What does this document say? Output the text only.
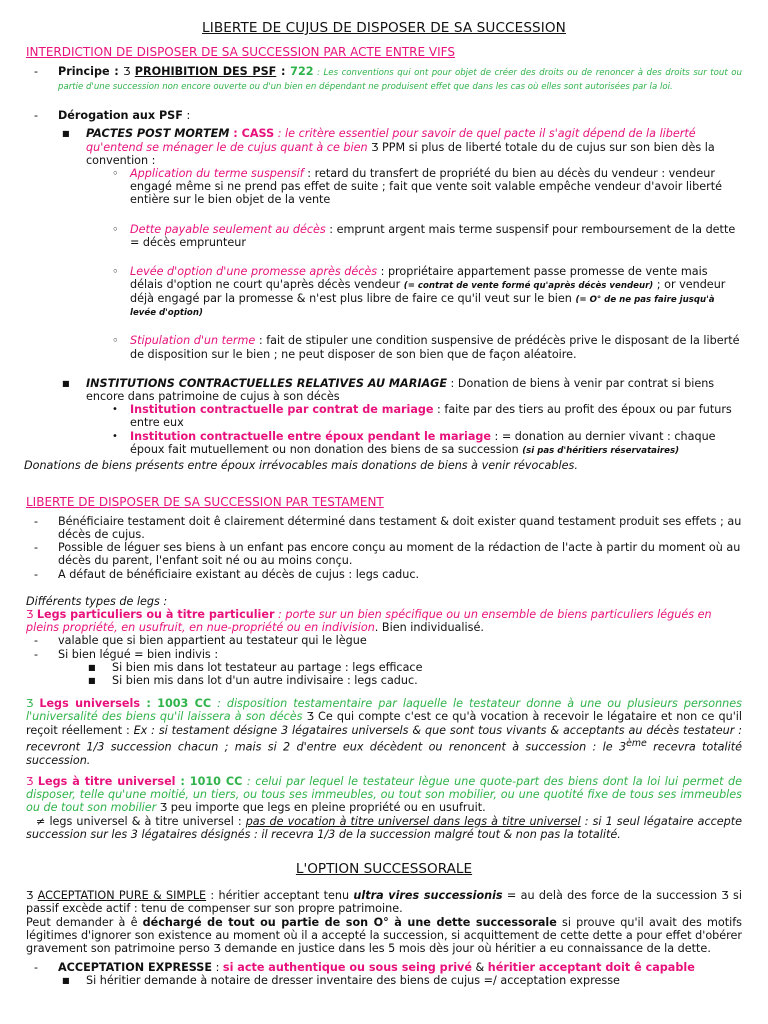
LIBERTE DE CUJUS DE DISPOSER DE SA SUCCESSION
INTERDICTION DE DISPOSER DE SA SUCCESSION PAR ACTE ENTRE VIFS
- Principe : Ʒ PROHIBITION DES PSF : 722 : Les conventions qui ont pour objet de créer des droits ou de renoncer à des droits sur tout ou partie d'une succession non encore ouverte ou d'un bien en dépendant ne produisent effet que dans les cas où elles sont autorisées par la loi.
- Dérogation aux PSF :
■ PACTES POST MORTEM : CASS : le critère essentiel pour savoir de quel pacte il s'agit dépend de la liberté qu'entend se ménager le de cujus quant à ce bien Ʒ PPM si plus de liberté totale du de cujus sur son bien dès la convention :
◦ Application du terme suspensif : retard du transfert de propriété du bien au décès du vendeur : vendeur engagé même si ne prend pas effet de suite ; fait que vente soit valable empêche vendeur d'avoir liberté entière sur le bien objet de la vente
◦ Dette payable seulement au décès : emprunt argent mais terme suspensif pour remboursement de la dette = décès emprunteur
◦ Levée d'option d'une promesse après décès : propriétaire appartement passe promesse de vente mais délais d'option ne court qu'après décès vendeur (= contrat de vente formé qu'après décès vendeur) ; or vendeur déjà engagé par la promesse & n'est plus libre de faire ce qu'il veut sur le bien (= O° de ne pas faire jusqu'à levée d'option)
◦ Stipulation d'un terme : fait de stipuler une condition suspensive de prédécès prive le disposant de la liberté de disposition sur le bien ; ne peut disposer de son bien que de façon aléatoire.
■ INSTITUTIONS CONTRACTUELLES RELATIVES AU MARIAGE : Donation de biens à venir par contrat si biens encore dans patrimoine de cujus à son décès
• Institution contractuelle par contrat de mariage : faite par des tiers au profit des époux ou par futurs entre eux
• Institution contractuelle entre époux pendant le mariage : = donation au dernier vivant : chaque époux fait mutuellement ou non donation des biens de sa succession (si pas d'héritiers réservataires)

Donations de biens présents entre époux irrévocables mais donations de biens à venir révocables.

LIBERTE DE DISPOSER DE SA SUCCESSION PAR TESTAMENT
- Bénéficiaire testament doit ê clairement déterminé dans testament & doit exister quand testament produit ses effets ; au décès de cujus.
- Possible de léguer ses biens à un enfant pas encore conçu au moment de la rédaction de l'acte à partir du moment où au décès du parent, l'enfant soit né ou au moins conçu.
- A défaut de bénéficiaire existant au décès de cujus : legs caduc.

Différents types de legs :

Ʒ Legs particuliers ou à titre particulier : porte sur un bien spécifique ou un ensemble de biens particuliers légués en pleins propriété, en usufruit, en nue-propriété ou en indivision. Bien individualisé.

- valable que si bien appartient au testateur qui le lègue
- Si bien légué = bien indivis :
■ Si bien mis dans lot testateur au partage : legs efficace
■ Si bien mis dans lot d'un autre indivisaire : legs caduc.

Ʒ Legs universels : 1003 CC : disposition testamentaire par laquelle le testateur donne à une ou plusieurs personnes l'universalité des biens qu'il laissera à son décès Ʒ Ce qui compte c'est ce qu'à vocation à recevoir le légataire et non ce qu'il reçoit réellement : Ex : si testament désigne 3 légataires universels & que sont tous vivants & acceptants au décès testateur : recevront 1/3 succession chacun ; mais si 2 d'entre eux décèdent ou renoncent à succession : le 3ème recevra totalité succession.

Ʒ Legs à titre universel : 1010 CC : celui par lequel le testateur lègue une quote-part des biens dont la loi lui permet de disposer, telle qu'une moitié, un tiers, ou tous ses immeubles, ou tout son mobilier, ou une quotité fixe de tous ses immeubles ou de tout son mobilier Ʒ peu importe que legs en pleine propriété ou en usufruit.

≠ legs universel & à titre universel : pas de vocation à titre universel dans legs à titre universel : si 1 seul légataire accepte succession sur les 3 légataires désignés : il recevra 1/3 de la succession malgré tout & non pas la totalité.

L'OPTION SUCCESSORALE

Ʒ ACCEPTATION PURE & SIMPLE : héritier acceptant tenu ultra vires successionis = au delà des force de la succession Ʒ si passif excède actif : tenu de compenser sur son propre patrimoine.

Peut demander à ê déchargé de tout ou partie de son O° à une dette successorale si prouve qu'il avait des motifs légitimes d'ignorer son existence au moment où il a accepté la succession, si acquittement de cette dette a pour effet d'obérer gravement son patrimoine perso Ʒ demande en justice dans les 5 mois dès jour où héritier a eu connaissance de la dette.

- ACCEPTATION EXPRESSE : si acte authentique ou sous seing privé & héritier acceptant doit ê capable
■ Si héritier demande à notaire de dresser inventaire des biens de cujus =/ acceptation expresse
